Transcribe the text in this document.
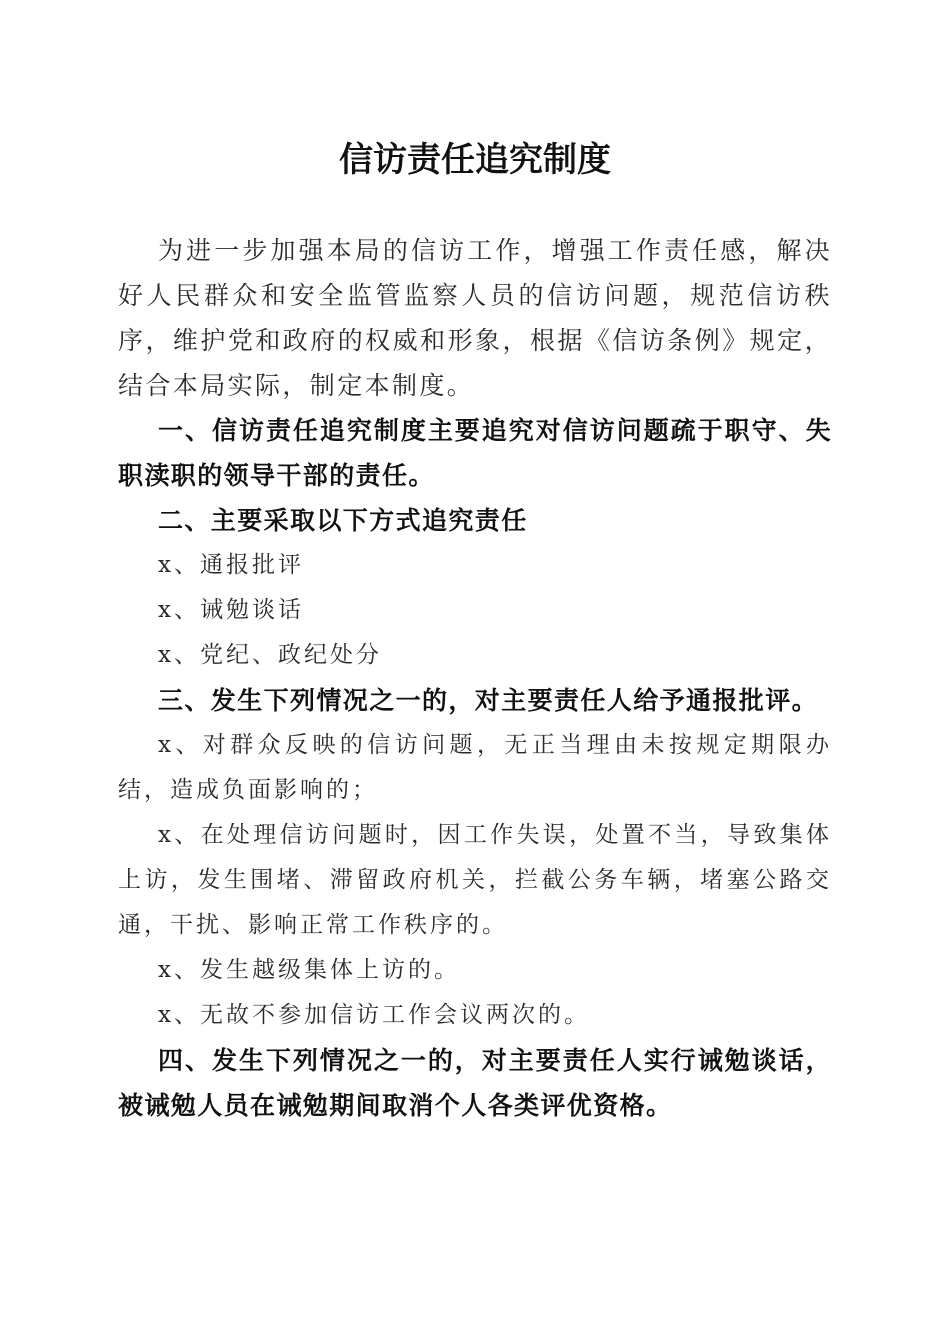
信访责任追究制度

为进一步加强本局的信访工作，增强工作责任感，解决好人民群众和安全监管监察人员的信访问题，规范信访秩序，维护党和政府的权威和形象，根据《信访条例》规定，结合本局实际，制定本制度。

一、信访责任追究制度主要追究对信访问题疏于职守、失职渎职的领导干部的责任。

二、主要采取以下方式追究责任

x、通报批评

x、诫勉谈话

x、党纪、政纪处分

三、发生下列情况之一的，对主要责任人给予通报批评。

x、对群众反映的信访问题，无正当理由未按规定期限办结，造成负面影响的；

x、在处理信访问题时，因工作失误，处置不当，导致集体上访，发生围堵、滞留政府机关，拦截公务车辆，堵塞公路交通，干扰、影响正常工作秩序的。

x、发生越级集体上访的。

x、无故不参加信访工作会议两次的。

四、发生下列情况之一的，对主要责任人实行诫勉谈话，被诫勉人员在诫勉期间取消个人各类评优资格。
